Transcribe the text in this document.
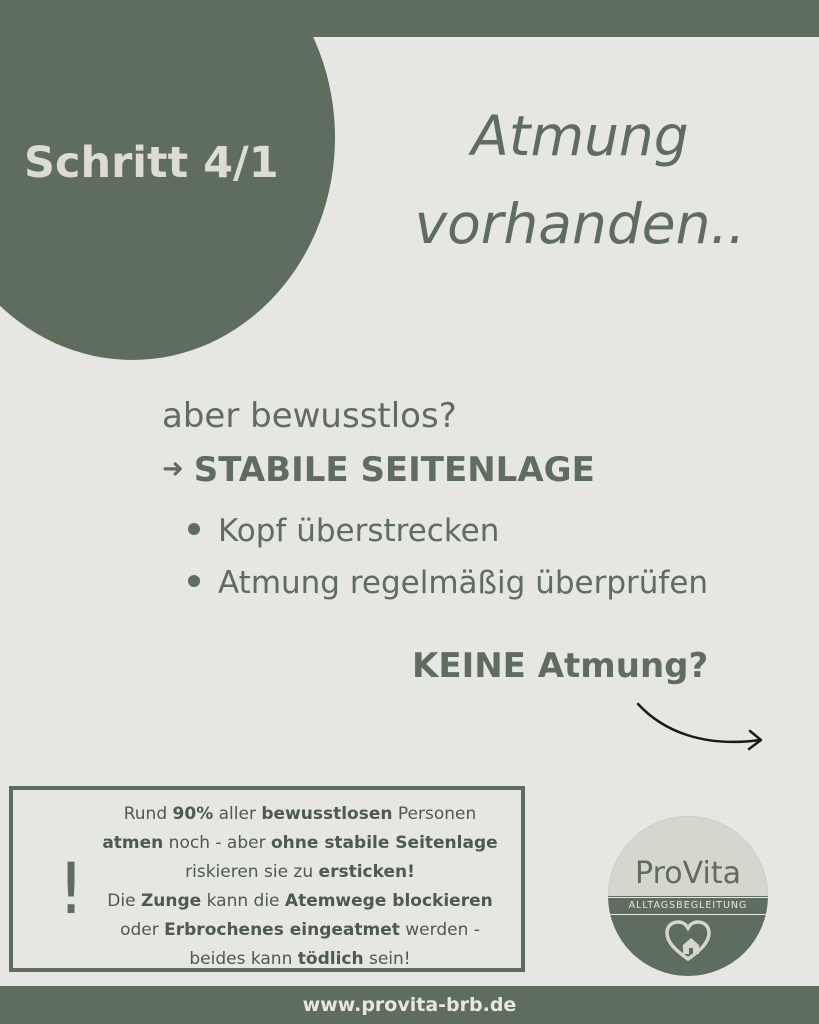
Schritt 4/1	Atmung
vorhanden..
aber bewusstlos?
➜ STABILE SEITENLAGE
Kopf überstrecken
Atmung regelmäßig überprüfen
KEINE Atmung?
!
Rund 90% aller bewusstlosen Personen
atmen noch - aber ohne stabile Seitenlage
riskieren sie zu ersticken!
Die Zunge kann die Atemwege blockieren
oder Erbrochenes eingeatmet werden -
beides kann tödlich sein!
ProVita
ALLTAGSBEGLEITUNG
www.provita-brb.de
